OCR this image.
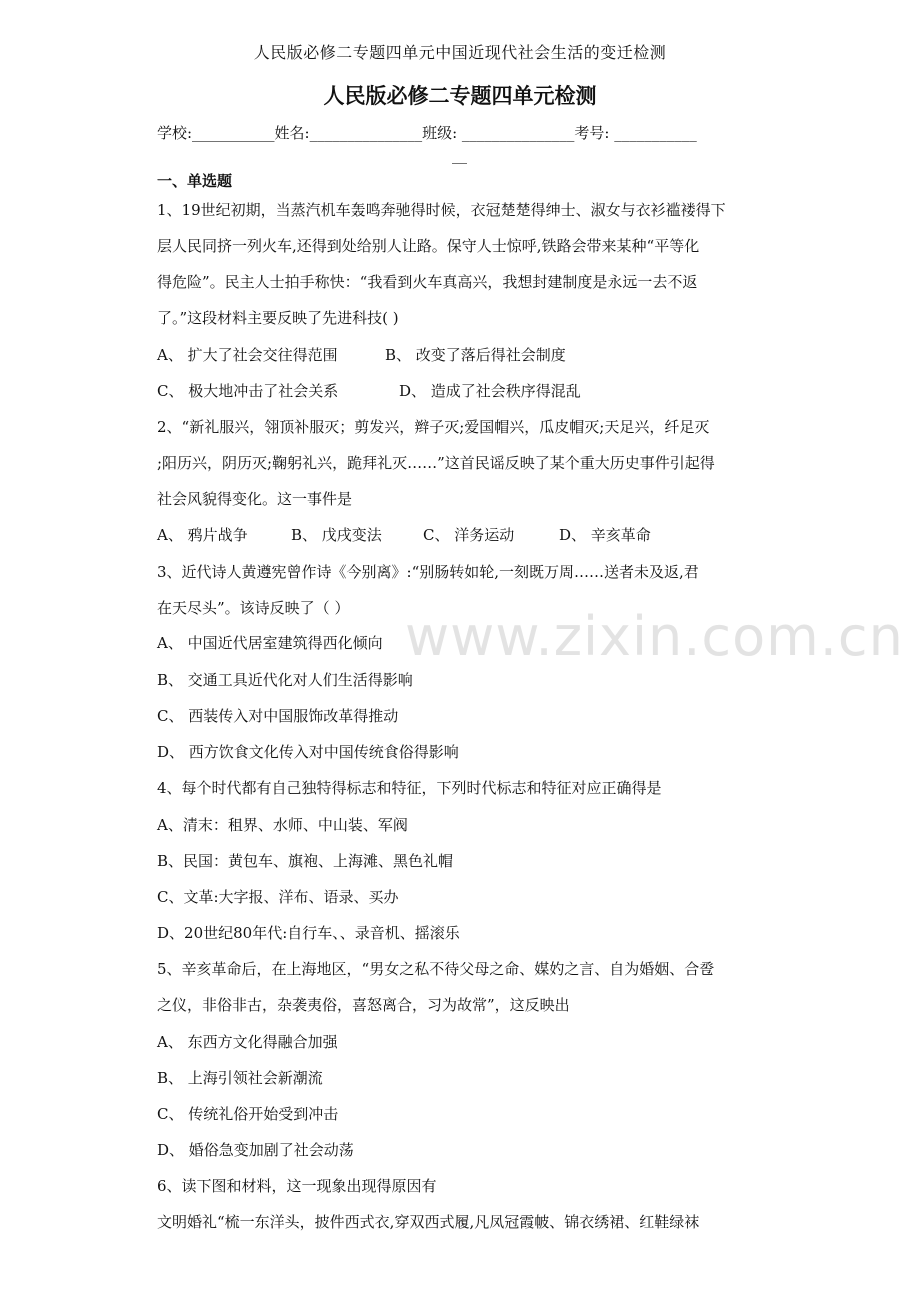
人民版必修二专题四单元中国近现代社会生活的变迁检测
人民版必修二专题四单元检测
学校:___________姓名:_______________班级: _______________考号: ___________
__
一、单选题
1、19世纪初期，当蒸汽机车轰鸣奔驰得时候，衣冠楚楚得绅士、淑女与衣衫褴褛得下
层人民同挤一列火车,还得到处给别人让路。保守人士惊呼,铁路会带来某种“平等化
得危险”。民主人士拍手称快：“我看到火车真高兴，我想封建制度是永远一去不返
了。”这段材料主要反映了先进科技( )
A、 扩大了社会交往得范围	B、 改变了落后得社会制度
C、 极大地冲击了社会关系	D、 造成了社会秩序得混乱
2、“新礼服兴，翎顶补服灭；剪发兴，辫子灭;爱国帽兴，瓜皮帽灭;天足兴，纤足灭
;阳历兴，阴历灭;鞠躬礼兴，跪拜礼灭……”这首民谣反映了某个重大历史事件引起得
社会风貌得变化。这一事件是
A、 鸦片战争	B、 戊戌变法	C、 洋务运动	D、 辛亥革命
3、近代诗人黄遵宪曾作诗《今别离》:“别肠转如轮,一刻既万周……送者未及返,君
在天尽头”。该诗反映了（ ）
A、 中国近代居室建筑得西化倾向
B、 交通工具近代化对人们生活得影响
C、 西装传入对中国服饰改革得推动
D、 西方饮食文化传入对中国传统食俗得影响
4、每个时代都有自己独特得标志和特征，下列时代标志和特征对应正确得是
A、清末：租界、水师、中山装、军阀
B、民国：黄包车、旗袍、上海滩、黑色礼帽
C、文革:大字报、洋布、语录、买办
D、20世纪80年代:自行车、、录音机、摇滚乐
5、辛亥革命后，在上海地区，“男女之私不待父母之命、媒妁之言、自为婚姻、合卺
之仪，非俗非古，杂袭夷俗，喜怒离合，习为故常”，这反映出
A、 东西方文化得融合加强
B、 上海引领社会新潮流
C、 传统礼俗开始受到冲击
D、 婚俗急变加剧了社会动荡
6、读下图和材料，这一现象出现得原因有
文明婚礼“梳一东洋头，披件西式衣,穿双西式履,凡凤冠霞帔、锦衣绣裙、红鞋绿袜
www.zixin.com.cn
